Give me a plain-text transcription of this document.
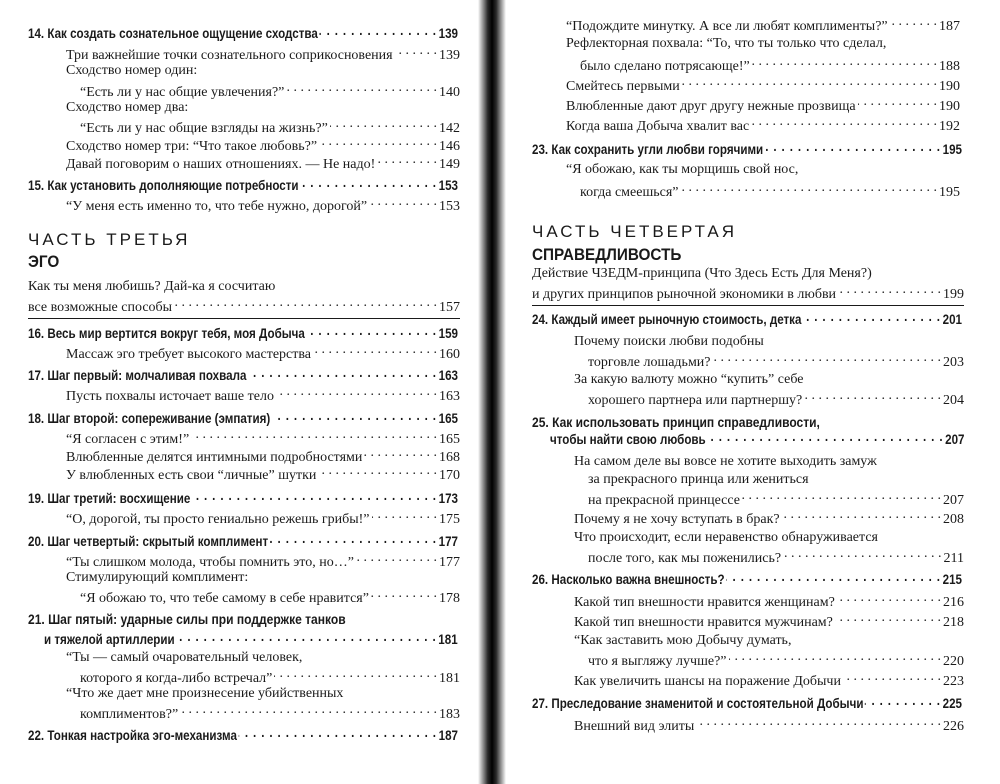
14. Как создать сознательное ощущение сходства . . .	139
Три важнейшие точки сознательного соприкосновения . . .	139
Сходство номер один:
“Есть ли у нас общие увлечения?” . . .	140
Сходство номер два:
“Есть ли у нас общие взгляды на жизнь?” . . .	142
Сходство номер три: “Что такое любовь?” . . .	146
Давай поговорим о наших отношениях. — Не надо! . . .	149
15. Как установить дополняющие потребности . . .	153
“У меня есть именно то, что тебе нужно, дорогой” . . .	153
ЧАСТЬ ТРЕТЬЯ
ЭГО
Как ты меня любишь? Дай-ка я сосчитаю
все возможные способы . . .	157
16. Весь мир вертится вокруг тебя, моя Добыча . . .	159
Массаж эго требует высокого мастерства . . .	160
17. Шаг первый: молчаливая похвала . . .	163
Пусть похвалы источает ваше тело . . .	163
18. Шаг второй: сопереживание (эмпатия) . . .	165
“Я согласен с этим!” . . .	165
Влюбленные делятся интимными подробностями . . .	168
У влюбленных есть свои “личные” шутки . . .	170
19. Шаг третий: восхищение . . .	173
“О, дорогой, ты просто гениально режешь грибы!” . . .	175
20. Шаг четвертый: скрытый комплимент . . .	177
“Ты слишком молода, чтобы помнить это, но…” . . .	177
Стимулирующий комплимент:
“Я обожаю то, что тебе самому в себе нравится” . . .	178
21. Шаг пятый: ударные силы при поддержке танков
и тяжелой артиллерии . . .	181
“Ты — самый очаровательный человек,
которого я когда-либо встречал” . . .	181
“Что же дает мне произнесение убийственных
комплиментов?” . . .	183
22. Тонкая настройка эго-механизма . . .	187
“Подождите минутку. А все ли любят комплименты?” . . .	187
Рефлекторная похвала: “То, что ты только что сделал,
было сделано потрясающе!” . . .	188
Смейтесь первыми . . .	190
Влюбленные дают друг другу нежные прозвища . . .	190
Когда ваша Добыча хвалит вас . . .	192
23. Как сохранить угли любви горячими . . .	195
“Я обожаю, как ты морщишь свой нос,
когда смеешься” . . .	195
ЧАСТЬ ЧЕТВЕРТАЯ
СПРАВЕДЛИВОСТЬ
Действие ЧЗЕДМ-принципа (Что Здесь Есть Для Меня?)
и других принципов рыночной экономики в любви . . .	199
24. Каждый имеет рыночную стоимость, детка . . .	201
Почему поиски любви подобны
торговле лошадьми? . . .	203
За какую валюту можно “купить” себе
хорошего партнера или партнершу? . . .	204
25. Как использовать принцип справедливости,
чтобы найти свою любовь . . .	207
На самом деле вы вовсе не хотите выходить замуж
за прекрасного принца или жениться
на прекрасной принцессе . . .	207
Почему я не хочу вступать в брак? . . .	208
Что происходит, если неравенство обнаруживается
после того, как мы поженились? . . .	211
26. Насколько важна внешность? . . .	215
Какой тип внешности нравится женщинам? . . .	216
Какой тип внешности нравится мужчинам? . . .	218
“Как заставить мою Добычу думать,
что я выгляжу лучше?” . . .	220
Как увеличить шансы на поражение Добычи . . .	223
27. Преследование знаменитой и состоятельной Добычи . . .	225
Внешний вид элиты . . .	226
